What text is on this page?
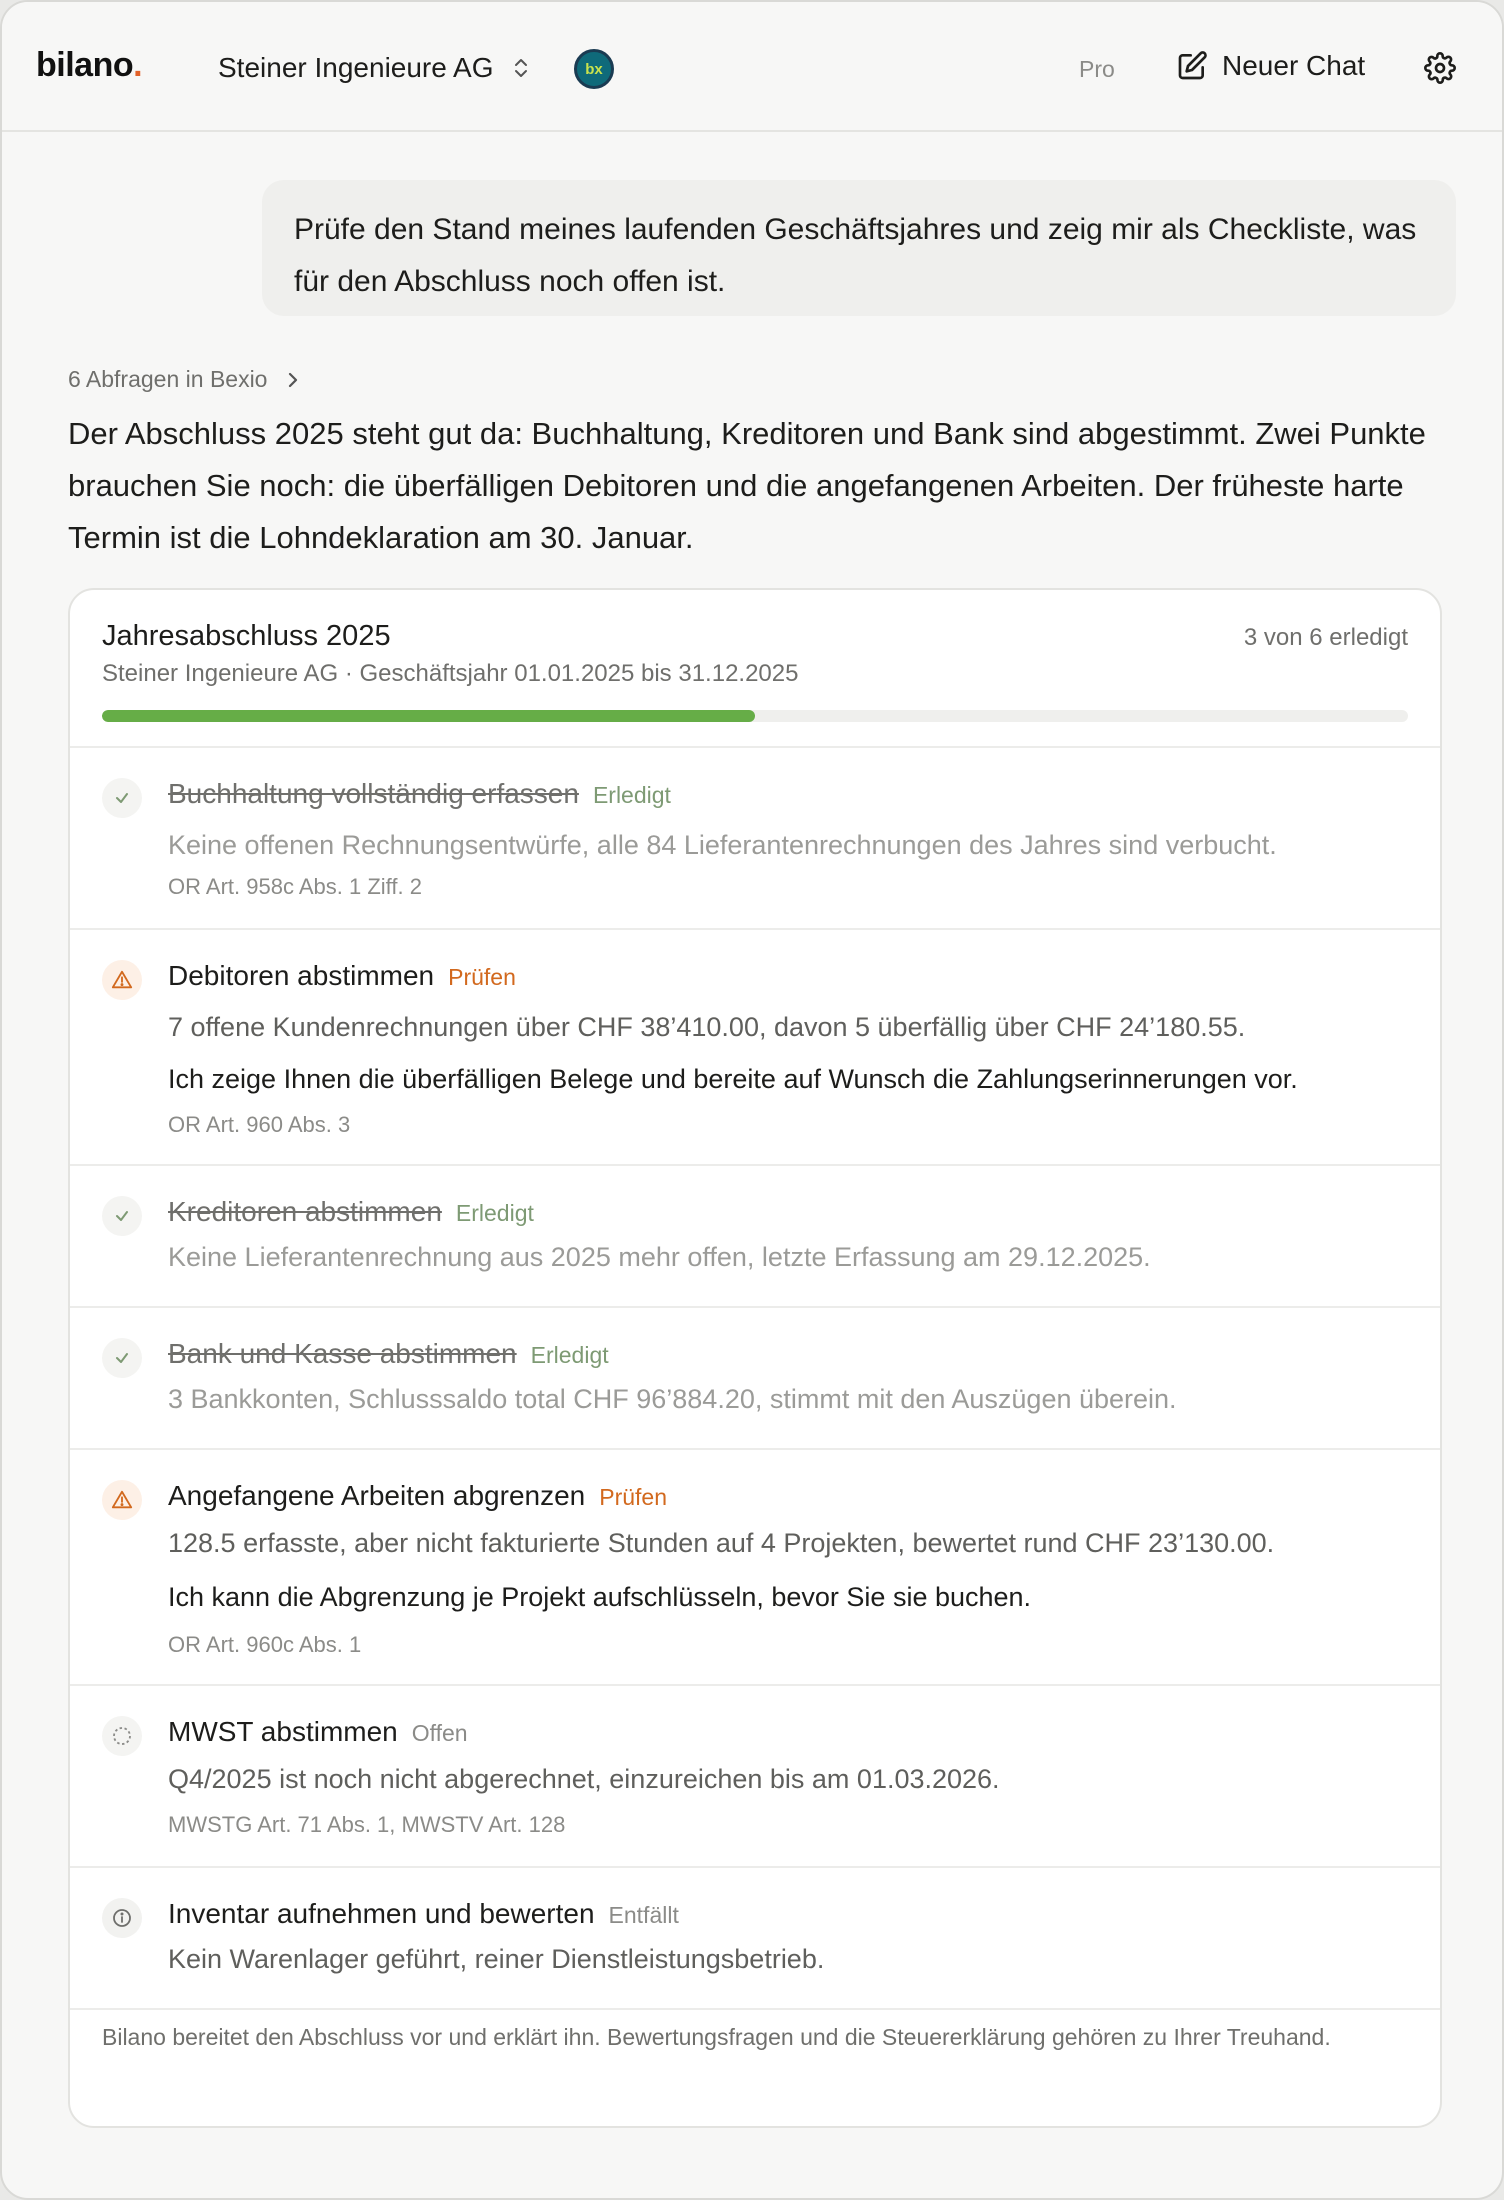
bilano.	Steiner Ingenieure AG	bx	Pro	Neuer Chat
Prüfe den Stand meines laufenden Geschäftsjahres und zeig mir als Checkliste, was für den Abschluss noch offen ist.
6 Abfragen in Bexio
Der Abschluss 2025 steht gut da: Buchhaltung, Kreditoren und Bank sind abgestimmt. Zwei Punkte brauchen Sie noch: die überfälligen Debitoren und die angefangenen Arbeiten. Der früheste harte Termin ist die Lohndeklaration am 30. Januar.
Jahresabschluss 2025
Steiner Ingenieure AG · Geschäftsjahr 01.01.2025 bis 31.12.2025
3 von 6 erledigt
Buchhaltung vollständig erfassen Erledigt
Keine offenen Rechnungsentwürfe, alle 84 Lieferantenrechnungen des Jahres sind verbucht.
OR Art. 958c Abs. 1 Ziff. 2
Debitoren abstimmen Prüfen
7 offene Kundenrechnungen über CHF 38’410.00, davon 5 überfällig über CHF 24’180.55.
Ich zeige Ihnen die überfälligen Belege und bereite auf Wunsch die Zahlungserinnerungen vor.
OR Art. 960 Abs. 3
Kreditoren abstimmen Erledigt
Keine Lieferantenrechnung aus 2025 mehr offen, letzte Erfassung am 29.12.2025.
Bank und Kasse abstimmen Erledigt
3 Bankkonten, Schlusssaldo total CHF 96’884.20, stimmt mit den Auszügen überein.
Angefangene Arbeiten abgrenzen Prüfen
128.5 erfasste, aber nicht fakturierte Stunden auf 4 Projekten, bewertet rund CHF 23’130.00.
Ich kann die Abgrenzung je Projekt aufschlüsseln, bevor Sie sie buchen.
OR Art. 960c Abs. 1
MWST abstimmen Offen
Q4/2025 ist noch nicht abgerechnet, einzureichen bis am 01.03.2026.
MWSTG Art. 71 Abs. 1, MWSTV Art. 128
Inventar aufnehmen und bewerten Entfällt
Kein Warenlager geführt, reiner Dienstleistungsbetrieb.
Bilano bereitet den Abschluss vor und erklärt ihn. Bewertungsfragen und die Steuererklärung gehören zu Ihrer Treuhand.
